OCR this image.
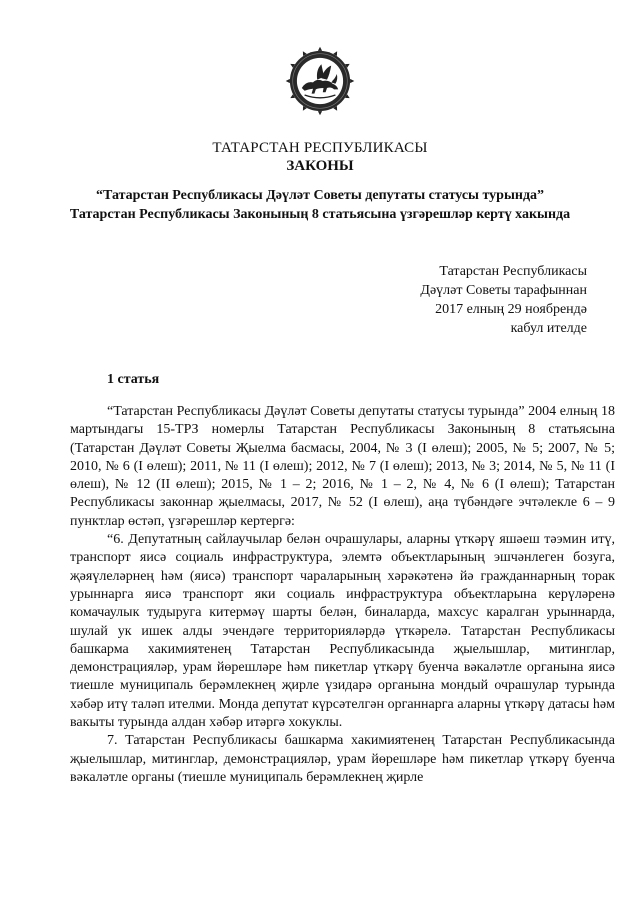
ТАТАРСТАН РЕСПУБЛИКАСЫ
ЗАКОНЫ
“Татарстан Республикасы Дәүләт Советы депутаты статусы турында”
Татарстан Республикасы Законының 8 статьясына үзгәрешләр кертү хакында
Татарстан Республикасы
Дәүләт Советы тарафыннан
2017 елның 29 ноябрендә
кабул ителде
1 статья

“Татарстан Республикасы Дәүләт Советы депутаты статусы турында” 2004 елның 18 мартындагы 15-ТРЗ номерлы Татарстан Республикасы Законының 8 статьясына (Татарстан Дәүләт Советы Җыелма басмасы, 2004, № 3 (I өлеш); 2005, № 5; 2007, № 5; 2010, № 6 (I өлеш); 2011, № 11 (I өлеш); 2012, № 7 (I өлеш); 2013, № 3; 2014, № 5, № 11 (I өлеш), № 12 (II өлеш); 2015, № 1 – 2; 2016, № 1 – 2, № 4, № 6 (I өлеш); Татарстан Республикасы законнар җыелмасы, 2017, № 52 (I өлеш), аңа түбәндәге эчтәлекле 6 – 9 пунктлар өстәп, үзгәрешләр кертергә:

“6. Депутатның сайлаучылар белән очрашулары, аларны үткәрү яшәеш тәэмин итү, транспорт яисә социаль инфраструктура, элемтә объектларының эшчәнлеген бозуга, җәяүлеләрнең һәм (яисә) транспорт чараларының хәрәкәтенә йә гражданнарның торак урыннарга яисә транспорт яки социаль инфраструктура объектларына керүләренә комачаулык тудыруга китермәү шарты белән, биналарда, махсус каралган урыннарда, шулай ук ишек алды эчендәге территорияләрдә үткәрелә. Татарстан Республикасы башкарма хакимиятенең Татарстан Республикасында җыелышлар, митинглар, демонстрацияләр, урам йөрешләре һәм пикетлар үткәрү буенча вәкаләтле органына яисә тиешле муниципаль берәмлекнең җирле үзидарә органына мондый очрашулар турында хәбәр итү таләп ителми. Монда депутат күрсәтелгән органнарга аларны үткәрү датасы һәм вакыты турында алдан хәбәр итәргә хокуклы.

7. Татарстан Республикасы башкарма хакимиятенең Татарстан Республикасында җыелышлар, митинглар, демонстрацияләр, урам йөрешләре һәм пикетлар үткәрү буенча вәкаләтле органы (тиешле муниципаль берәмлекнең җирле
